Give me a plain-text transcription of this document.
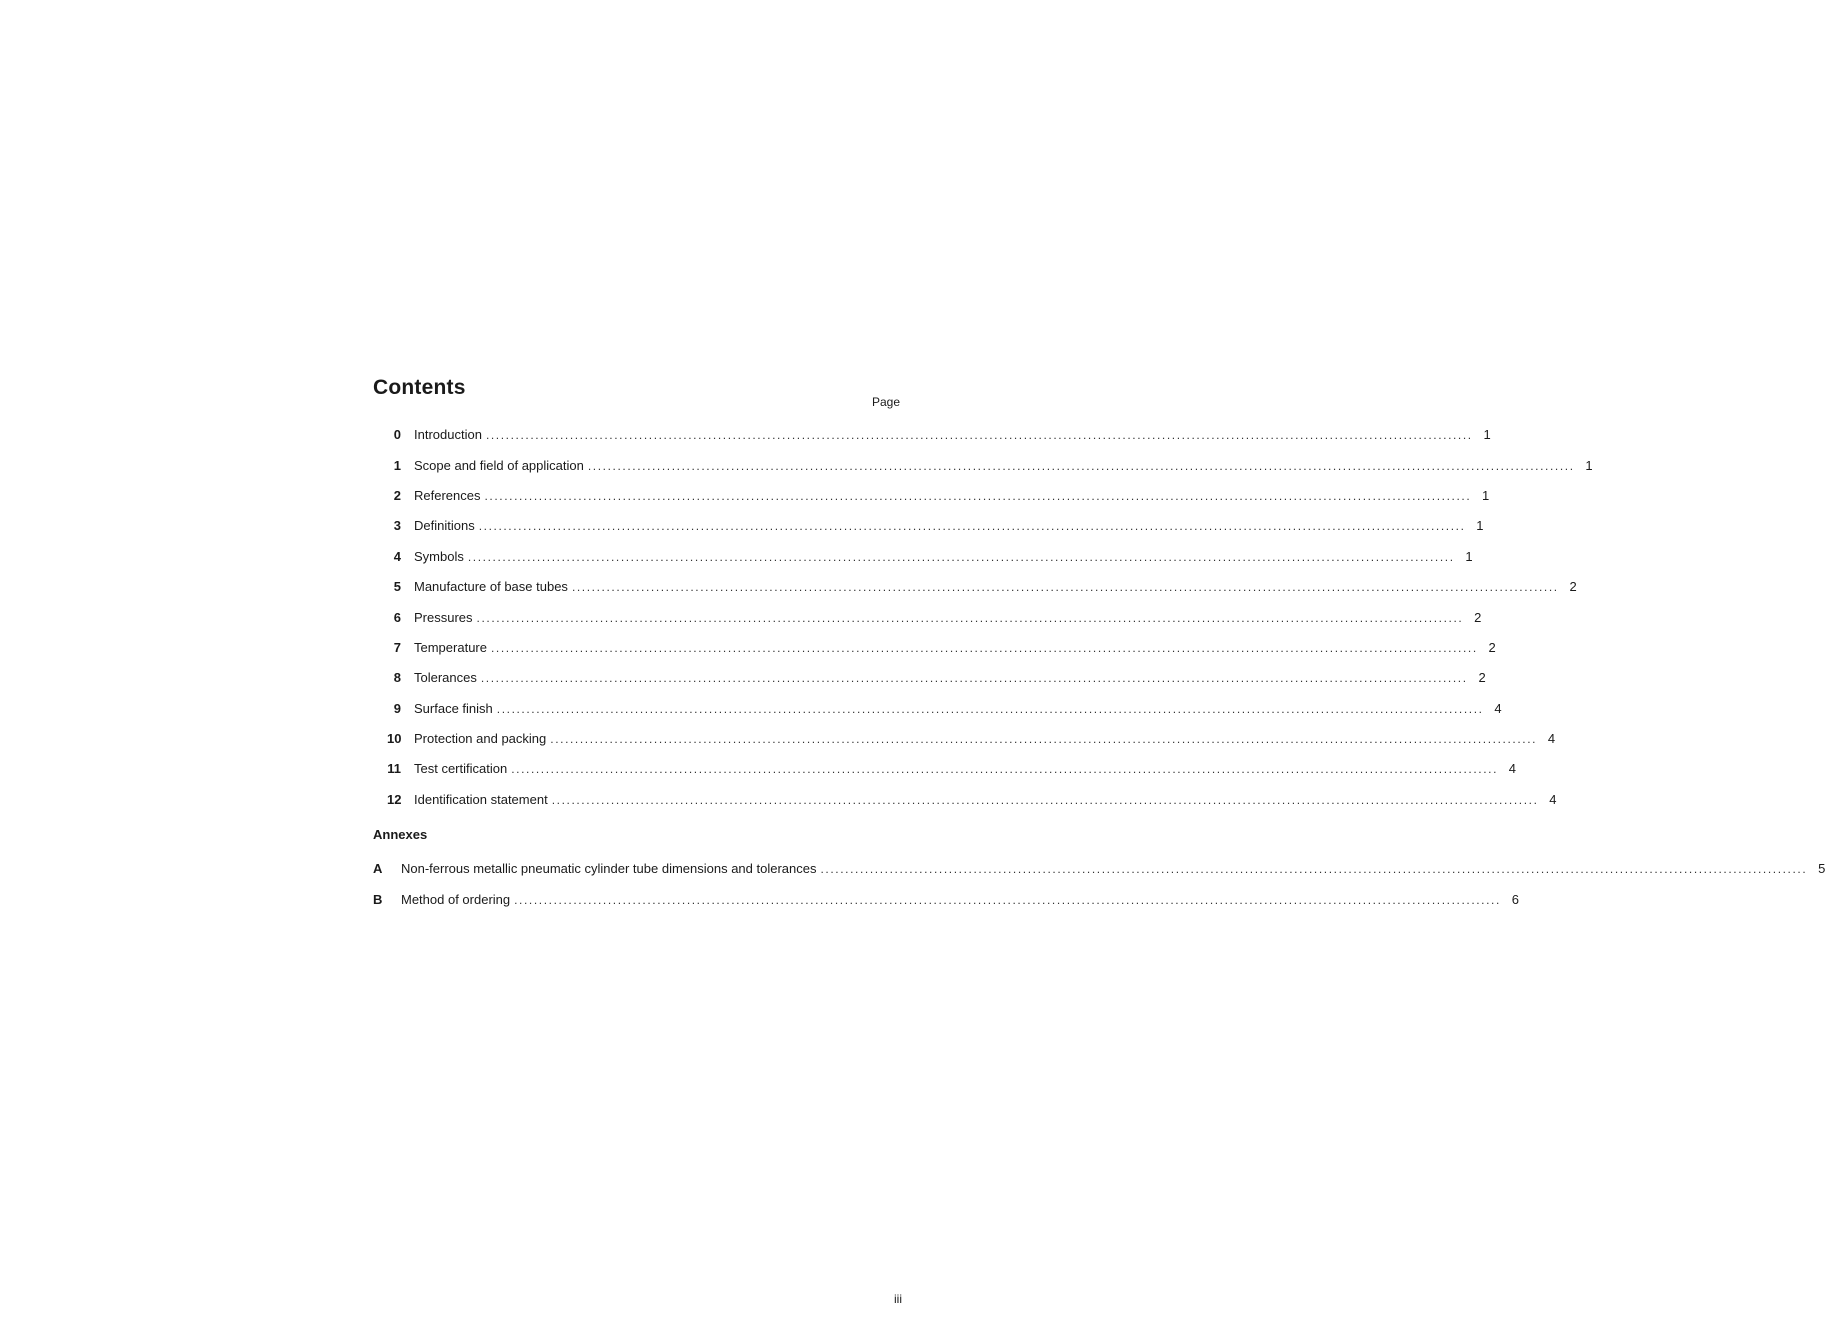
Contents
Page
0 Introduction ........................................................................................................................................................................................................ 1
1 Scope and field of application ........................................................................................................................................................................................................ 1
2 References ........................................................................................................................................................................................................ 1
3 Definitions ........................................................................................................................................................................................................ 1
4 Symbols ........................................................................................................................................................................................................ 1
5 Manufacture of base tubes ........................................................................................................................................................................................................ 2
6 Pressures ........................................................................................................................................................................................................ 2
7 Temperature ........................................................................................................................................................................................................ 2
8 Tolerances ........................................................................................................................................................................................................ 2
9 Surface finish ........................................................................................................................................................................................................ 4
10 Protection and packing ........................................................................................................................................................................................................ 4
11 Test certification ........................................................................................................................................................................................................ 4
12 Identification statement ........................................................................................................................................................................................................ 4
Annexes
A	Non-ferrous metallic pneumatic cylinder tube dimensions and tolerances ........................................................................................................................................................................................................ 5
B	Method of ordering ........................................................................................................................................................................................................ 6
iii
